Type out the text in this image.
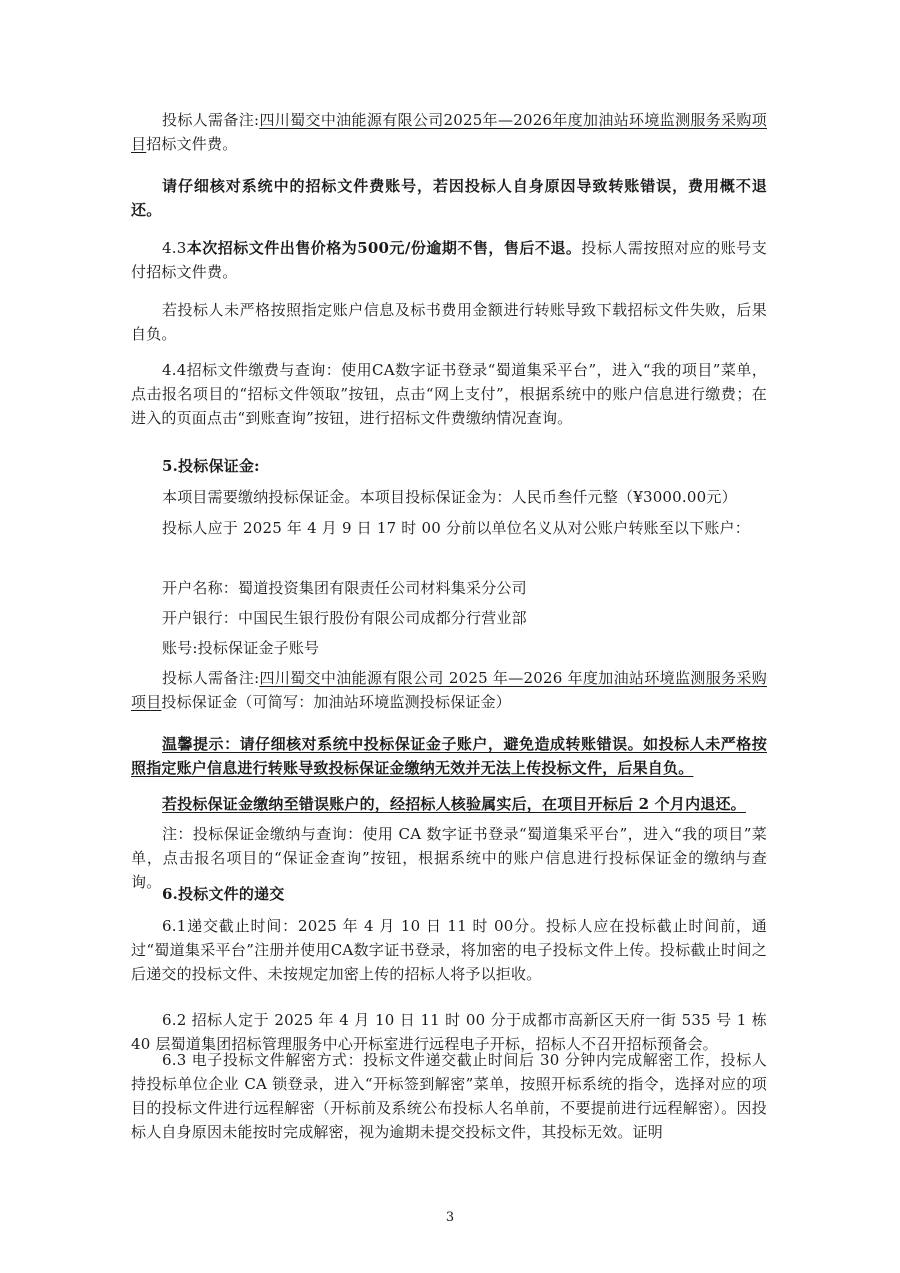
投标人需备注:四川蜀交中油能源有限公司2025年—2026年度加油站环境监测服务采购项目招标文件费。

请仔细核对系统中的招标文件费账号，若因投标人自身原因导致转账错误，费用概不退还。

4.3本次招标文件出售价格为500元/份逾期不售，售后不退。投标人需按照对应的账号支付招标文件费。

若投标人未严格按照指定账户信息及标书费用金额进行转账导致下载招标文件失败，后果自负。

4.4招标文件缴费与查询：使用CA数字证书登录“蜀道集采平台”，进入“我的项目”菜单，点击报名项目的“招标文件领取”按钮，点击“网上支付”，根据系统中的账户信息进行缴费；在进入的页面点击“到账查询”按钮，进行招标文件费缴纳情况查询。

5.投标保证金:

本项目需要缴纳投标保证金。本项目投标保证金为：人民币叁仟元整（¥3000.00元）

投标人应于 2025 年 4 月 9 日 17 时 00 分前以单位名义从对公账户转账至以下账户：

开户名称：蜀道投资集团有限责任公司材料集采分公司

开户银行：中国民生银行股份有限公司成都分行营业部

账号:投标保证金子账号

投标人需备注:四川蜀交中油能源有限公司 2025 年—2026 年度加油站环境监测服务采购项目投标保证金（可简写：加油站环境监测投标保证金）

温馨提示：请仔细核对系统中投标保证金子账户，避免造成转账错误。如投标人未严格按照指定账户信息进行转账导致投标保证金缴纳无效并无法上传投标文件，后果自负。

若投标保证金缴纳至错误账户的，经招标人核验属实后，在项目开标后 2 个月内退还。

注：投标保证金缴纳与查询：使用 CA 数字证书登录“蜀道集采平台”，进入“我的项目”菜单，点击报名项目的“保证金查询”按钮，根据系统中的账户信息进行投标保证金的缴纳与查询。

6.投标文件的递交

6.1递交截止时间：2025 年 4 月 10 日 11 时 00分。投标人应在投标截止时间前，通过“蜀道集采平台”注册并使用CA数字证书登录，将加密的电子投标文件上传。投标截止时间之后递交的投标文件、未按规定加密上传的招标人将予以拒收。

6.2 招标人定于 2025 年 4 月 10 日 11 时 00 分于成都市高新区天府一街 535 号 1 栋 40 层蜀道集团招标管理服务中心开标室进行远程电子开标，招标人不召开招标预备会。

6.3 电子投标文件解密方式：投标文件递交截止时间后 30 分钟内完成解密工作，投标人持投标单位企业 CA 锁登录，进入“开标签到解密”菜单，按照开标系统的指令，选择对应的项目的投标文件进行远程解密（开标前及系统公布投标人名单前，不要提前进行远程解密）。因投标人自身原因未能按时完成解密，视为逾期未提交投标文件，其投标无效。证明

3
